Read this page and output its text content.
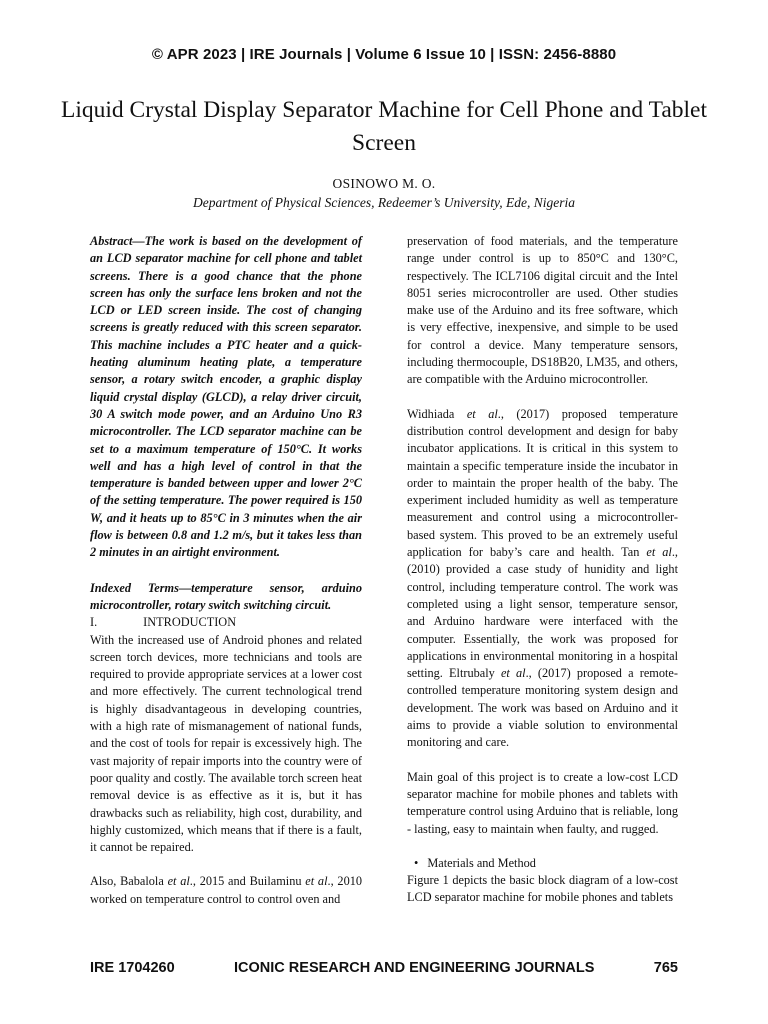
© APR 2023 | IRE Journals | Volume 6 Issue 10 | ISSN: 2456-8880
Liquid Crystal Display Separator Machine for Cell Phone and Tablet Screen
OSINOWO M. O.
Department of Physical Sciences, Redeemer’s University, Ede, Nigeria

Abstract—The work is based on the development of an LCD separator machine for cell phone and tablet screens. There is a good chance that the phone screen has only the surface lens broken and not the LCD or LED screen inside. The cost of changing screens is greatly reduced with this screen separator. This machine includes a PTC heater and a quick-heating aluminum heating plate, a temperature sensor, a rotary switch encoder, a graphic display liquid crystal display (GLCD), a relay driver circuit, 30 A switch mode power, and an Arduino Uno R3 microcontroller. The LCD separator machine can be set to a maximum temperature of 150°C. It works well and has a high level of control in that the temperature is banded between upper and lower 2°C of the setting temperature. The power required is 150 W, and it heats up to 85°C in 3 minutes when the air flow is between 0.8 and 1.2 m/s, but it takes less than 2 minutes in an airtight environment.

Indexed Terms—temperature sensor, arduino microcontroller, rotary switch switching circuit.

I.	INTRODUCTION

With the increased use of Android phones and related screen torch devices, more technicians and tools are required to provide appropriate services at a lower cost and more effectively. The current technological trend is highly disadvantageous in developing countries, with a high rate of mismanagement of national funds, and the cost of tools for repair is excessively high. The vast majority of repair imports into the country were of poor quality and costly. The available torch screen heat removal device is as effective as it is, but it has drawbacks such as reliability, high cost, durability, and highly customized, which means that if there is a fault, it cannot be repaired.

Also, Babalola et al., 2015 and Builaminu et al., 2010 worked on temperature control to control oven and

preservation of food materials, and the temperature range under control is up to 850°C and 130°C, respectively. The ICL7106 digital circuit and the Intel 8051 series microcontroller are used. Other studies make use of the Arduino and its free software, which is very effective, inexpensive, and simple to be used for control a device. Many temperature sensors, including thermocouple, DS18B20, LM35, and others, are compatible with the Arduino microcontroller.

Widhiada et al., (2017) proposed temperature distribution control development and design for baby incubator applications. It is critical in this system to maintain a specific temperature inside the incubator in order to maintain the proper health of the baby. The experiment included humidity as well as temperature measurement and control using a microcontroller-based system. This proved to be an extremely useful application for baby’s care and health. Tan et al., (2010) provided a case study of hunidity and light control, including temperature control. The work was completed using a light sensor, temperature sensor, and Arduino hardware were interfaced with the computer. Essentially, the work was proposed for applications in environmental monitoring in a hospital setting. Eltrubaly et al., (2017) proposed a remote-controlled temperature monitoring system design and development. The work was based on Arduino and it aims to provide a viable solution to environmental monitoring and care.

Main goal of this project is to create a low-cost LCD separator machine for mobile phones and tablets with temperature control using Arduino that is reliable, long - lasting, easy to maintain when faulty, and rugged.

• Materials and Method

Figure 1 depicts the basic block diagram of a low-cost LCD separator machine for mobile phones and tablets

IRE 1704260	ICONIC RESEARCH AND ENGINEERING JOURNALS	765
